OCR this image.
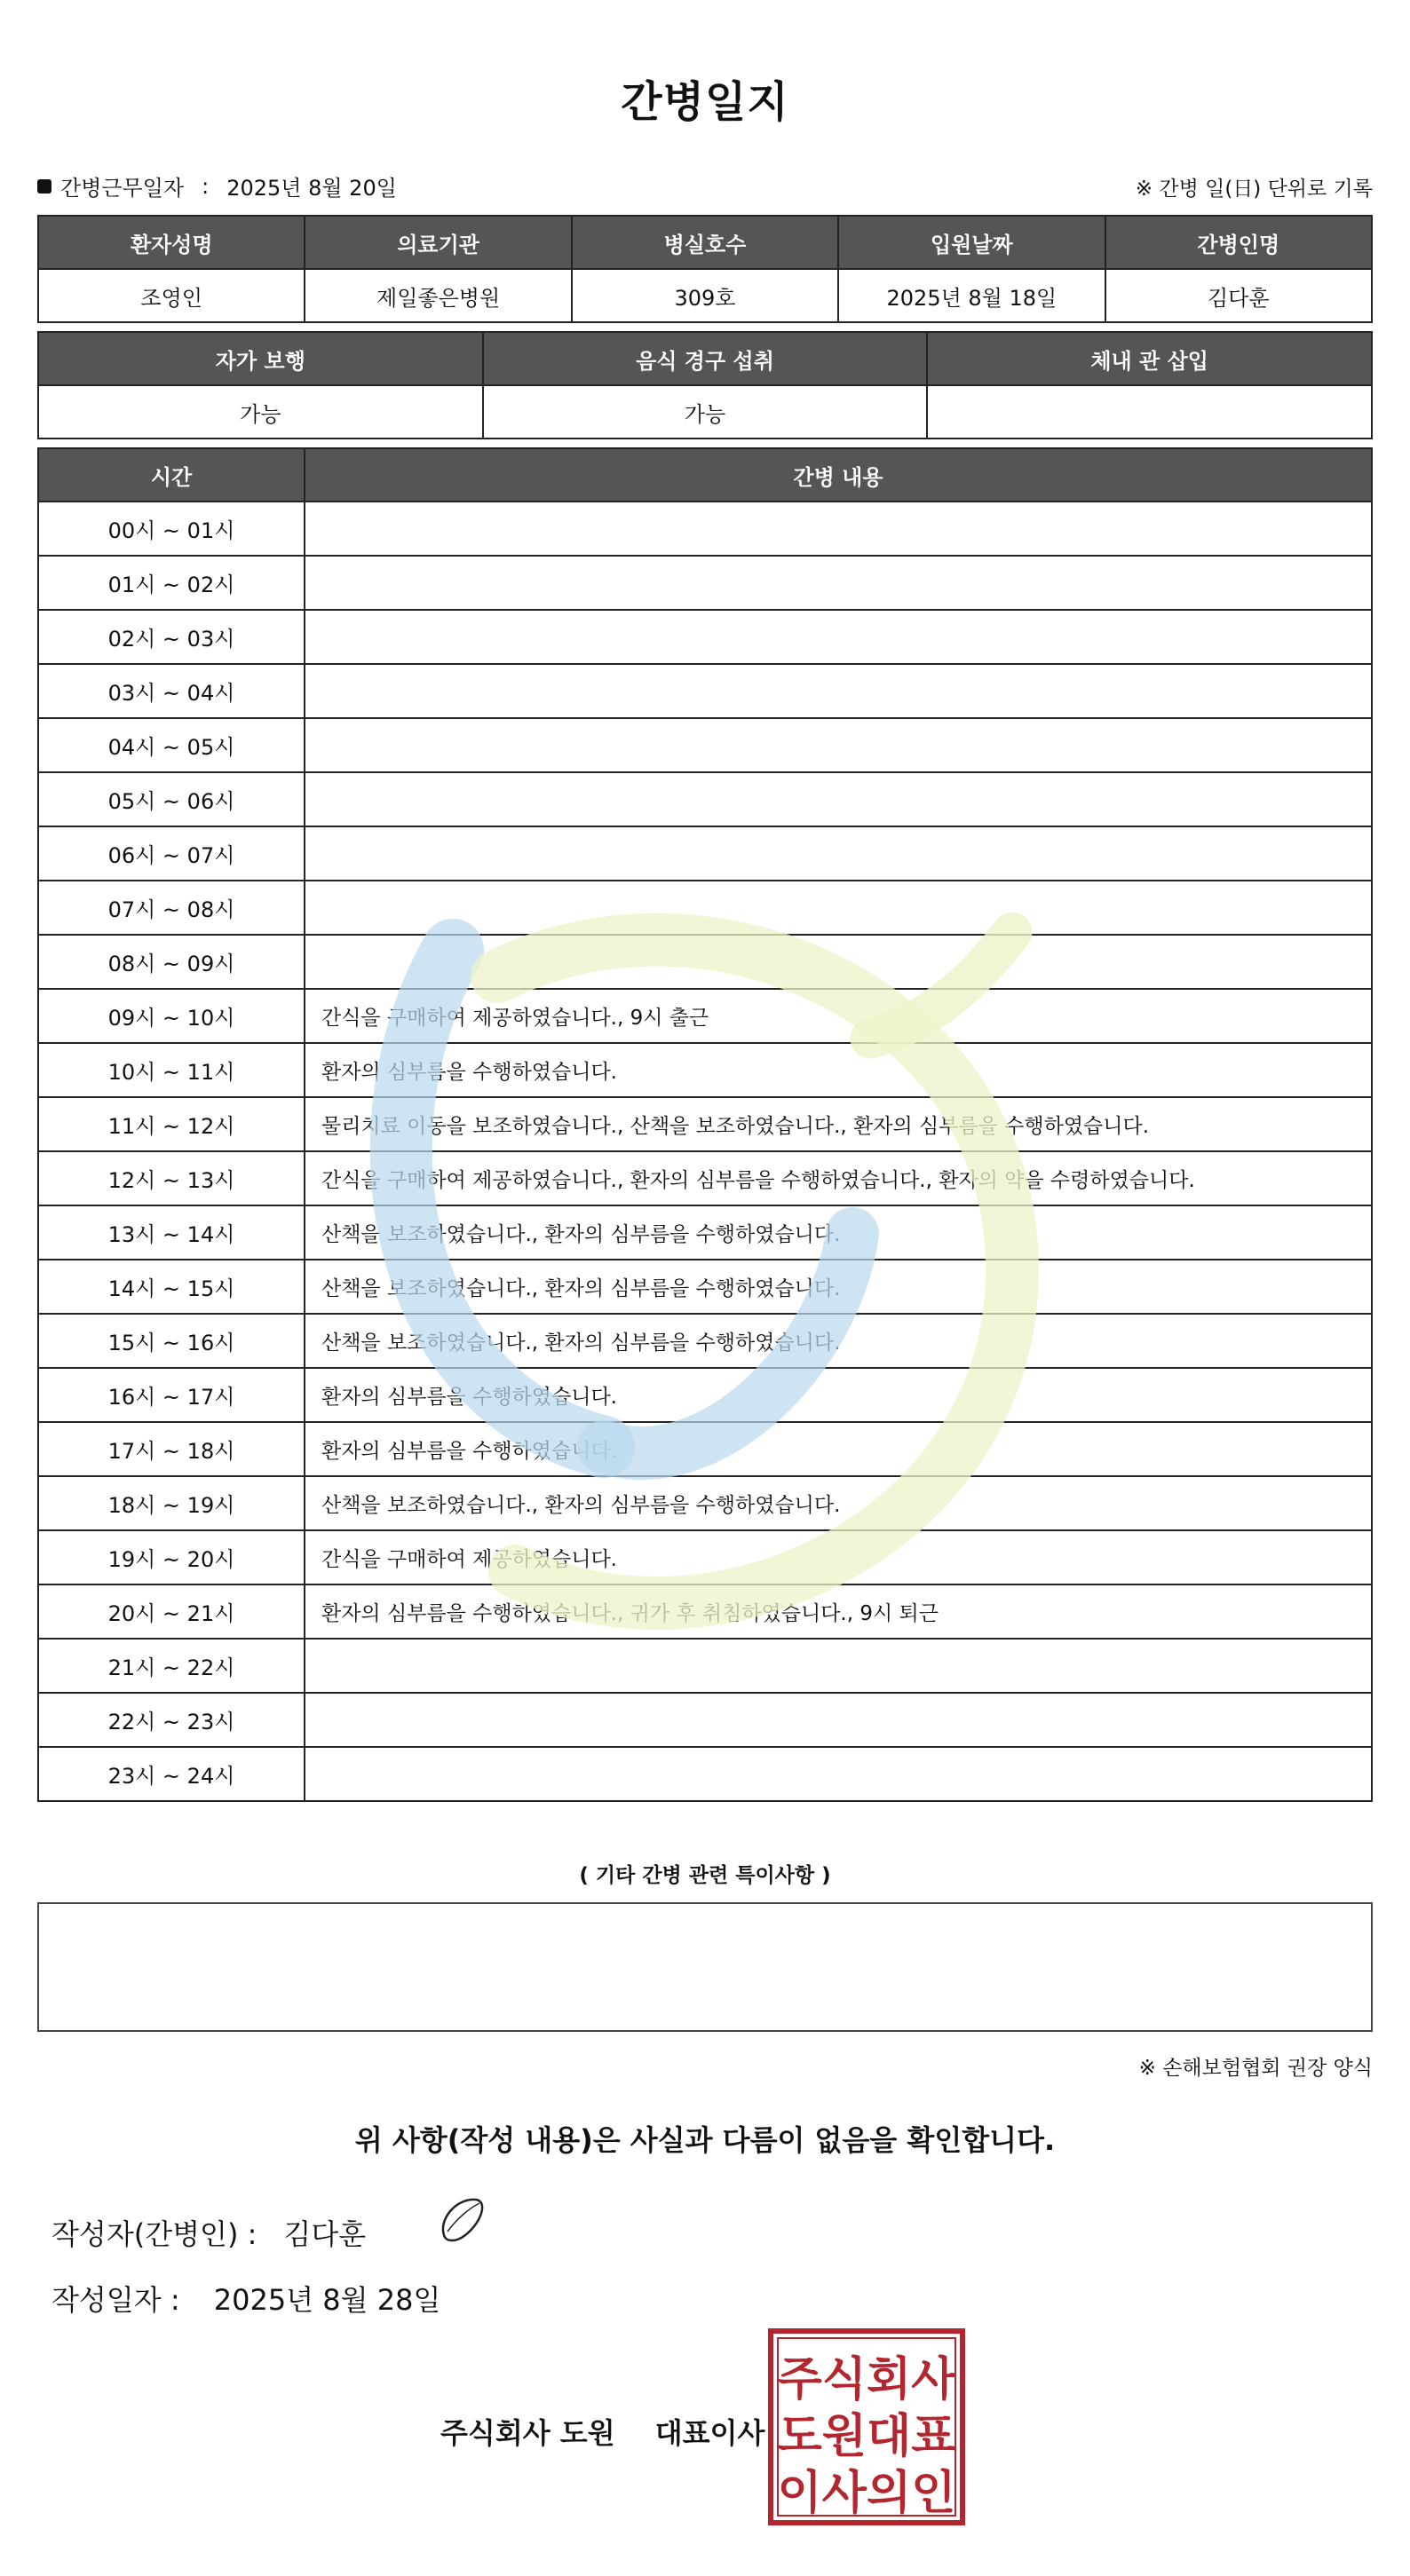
간병일지
간병근무일자 : 2025년 8월 20일	※ 간병 일(日) 단위로 기록
환자성명	의료기관	병실호수	입원날짜	간병인명
조영인	제일좋은병원	309호	2025년 8월 18일	김다훈
자가 보행	음식 경구 섭취	체내 관 삽입
가능	가능	
시간	간병 내용
00시 ~ 01시	
01시 ~ 02시	
02시 ~ 03시	
03시 ~ 04시	
04시 ~ 05시	
05시 ~ 06시	
06시 ~ 07시	
07시 ~ 08시	
08시 ~ 09시	
09시 ~ 10시	간식을 구매하여 제공하였습니다., 9시 출근
10시 ~ 11시	환자의 심부름을 수행하였습니다.
11시 ~ 12시	물리치료 이동을 보조하였습니다., 산책을 보조하였습니다., 환자의 심부름을 수행하였습니다.
12시 ~ 13시	간식을 구매하여 제공하였습니다., 환자의 심부름을 수행하였습니다., 환자의 약을 수령하였습니다.
13시 ~ 14시	산책을 보조하였습니다., 환자의 심부름을 수행하였습니다.
14시 ~ 15시	산책을 보조하였습니다., 환자의 심부름을 수행하였습니다.
15시 ~ 16시	산책을 보조하였습니다., 환자의 심부름을 수행하였습니다.
16시 ~ 17시	환자의 심부름을 수행하였습니다.
17시 ~ 18시	환자의 심부름을 수행하였습니다.
18시 ~ 19시	산책을 보조하였습니다., 환자의 심부름을 수행하였습니다.
19시 ~ 20시	간식을 구매하여 제공하였습니다.
20시 ~ 21시	환자의 심부름을 수행하였습니다., 귀가 후 취침하였습니다., 9시 퇴근
21시 ~ 22시	
22시 ~ 23시	
23시 ~ 24시	
( 기타 간병 관련 특이사항 )
※ 손해보험협회 권장 양식
위 사항(작성 내용)은 사실과 다름이 없음을 확인합니다.
작성자(간병인) : 김다훈
작성일자 : 2025년 8월 28일
주식회사 도원 대표이사
주식회사
도원대표
이사의인
